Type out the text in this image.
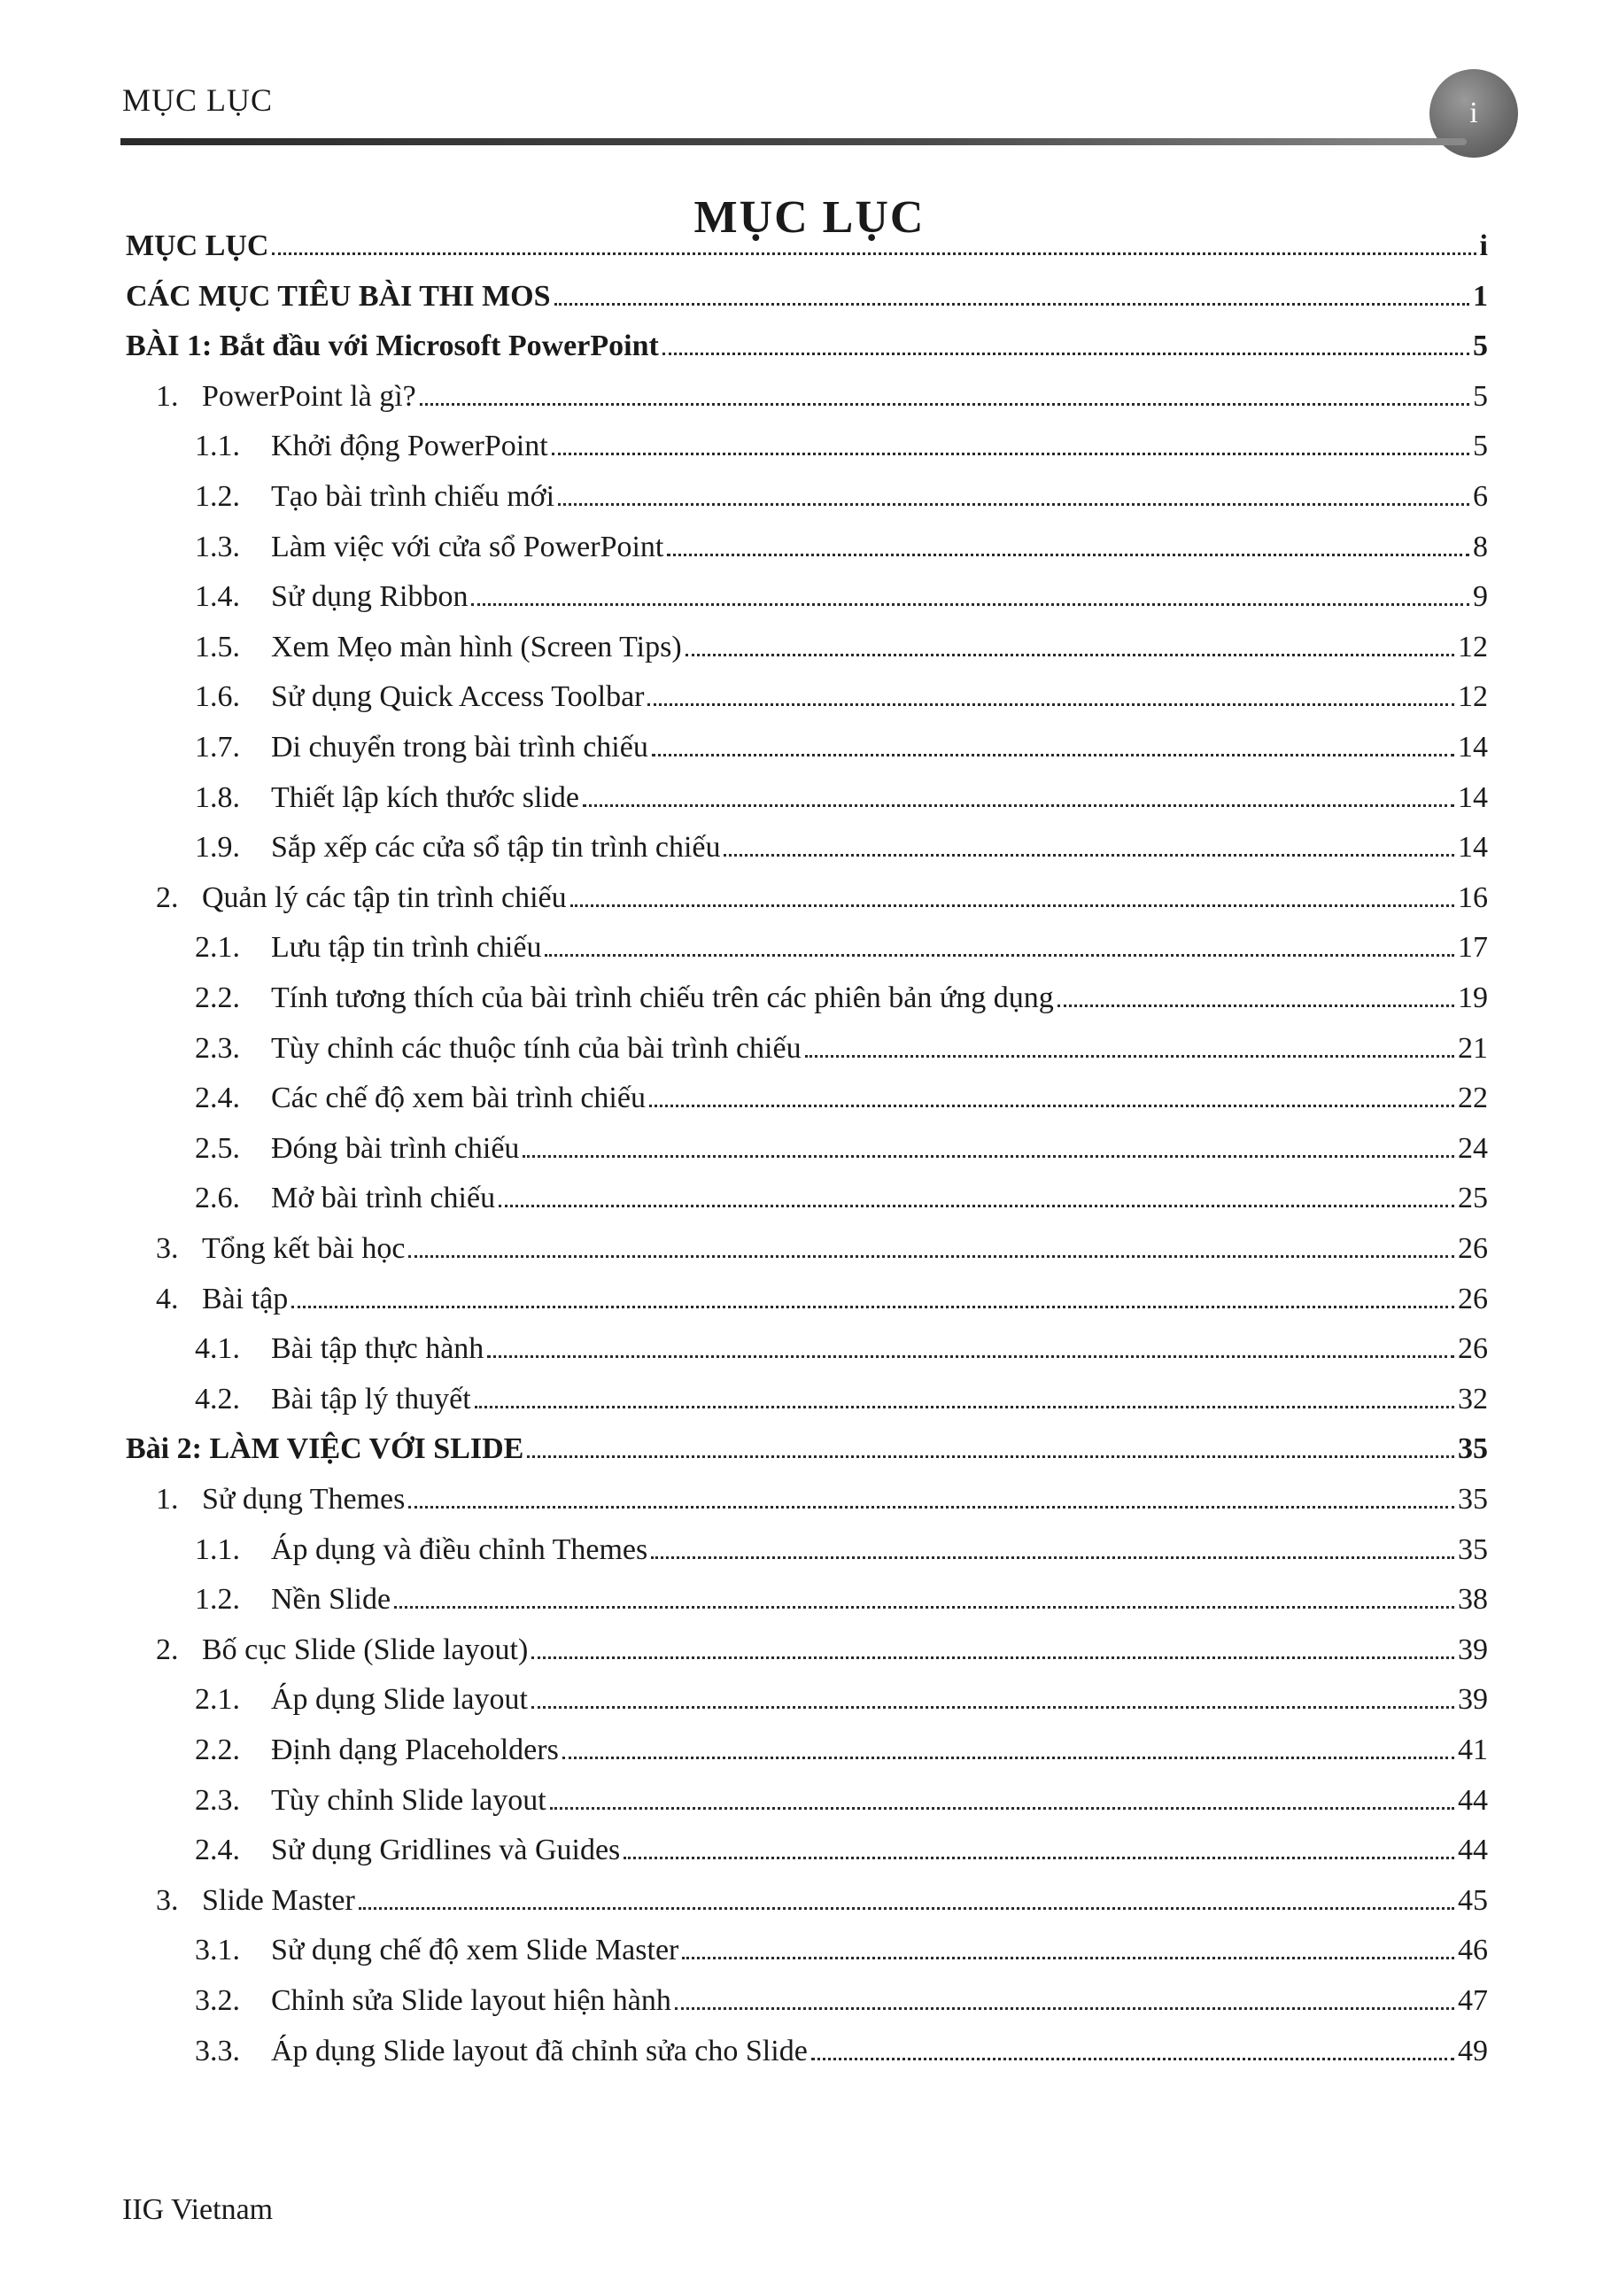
MỤC LỤC	i
MỤC LỤC
MỤC LỤC	i
CÁC MỤC TIÊU BÀI THI MOS	1
BÀI 1: Bắt đầu với Microsoft PowerPoint	5
1. PowerPoint là gì?	5
1.1.	Khởi động PowerPoint	5
1.2.	Tạo bài trình chiếu mới	6
1.3.	Làm việc với cửa sổ PowerPoint	8
1.4.	Sử dụng Ribbon	9
1.5.	Xem Mẹo màn hình (Screen Tips)	12
1.6.	Sử dụng Quick Access Toolbar	12
1.7.	Di chuyển trong bài trình chiếu	14
1.8.	Thiết lập kích thước slide	14
1.9.	Sắp xếp các cửa sổ tập tin trình chiếu	14
2. Quản lý các tập tin trình chiếu	16
2.1.	Lưu tập tin trình chiếu	17
2.2.	Tính tương thích của bài trình chiếu trên các phiên bản ứng dụng	19
2.3.	Tùy chỉnh các thuộc tính của bài trình chiếu	21
2.4.	Các chế độ xem bài trình chiếu	22
2.5.	Đóng bài trình chiếu	24
2.6.	Mở bài trình chiếu	25
3. Tổng kết bài học	26
4. Bài tập	26
4.1.	Bài tập thực hành	26
4.2.	Bài tập lý thuyết	32
Bài 2: LÀM VIỆC VỚI SLIDE	35
1. Sử dụng Themes	35
1.1.	Áp dụng và điều chỉnh Themes	35
1.2.	Nền Slide	38
2. Bố cục Slide (Slide layout)	39
2.1.	Áp dụng Slide layout	39
2.2.	Định dạng Placeholders	41
2.3.	Tùy chỉnh Slide layout	44
2.4.	Sử dụng Gridlines và Guides	44
3. Slide Master	45
3.1.	Sử dụng chế độ xem Slide Master	46
3.2.	Chỉnh sửa Slide layout hiện hành	47
3.3.	Áp dụng Slide layout đã chỉnh sửa cho Slide	49
IIG Vietnam
